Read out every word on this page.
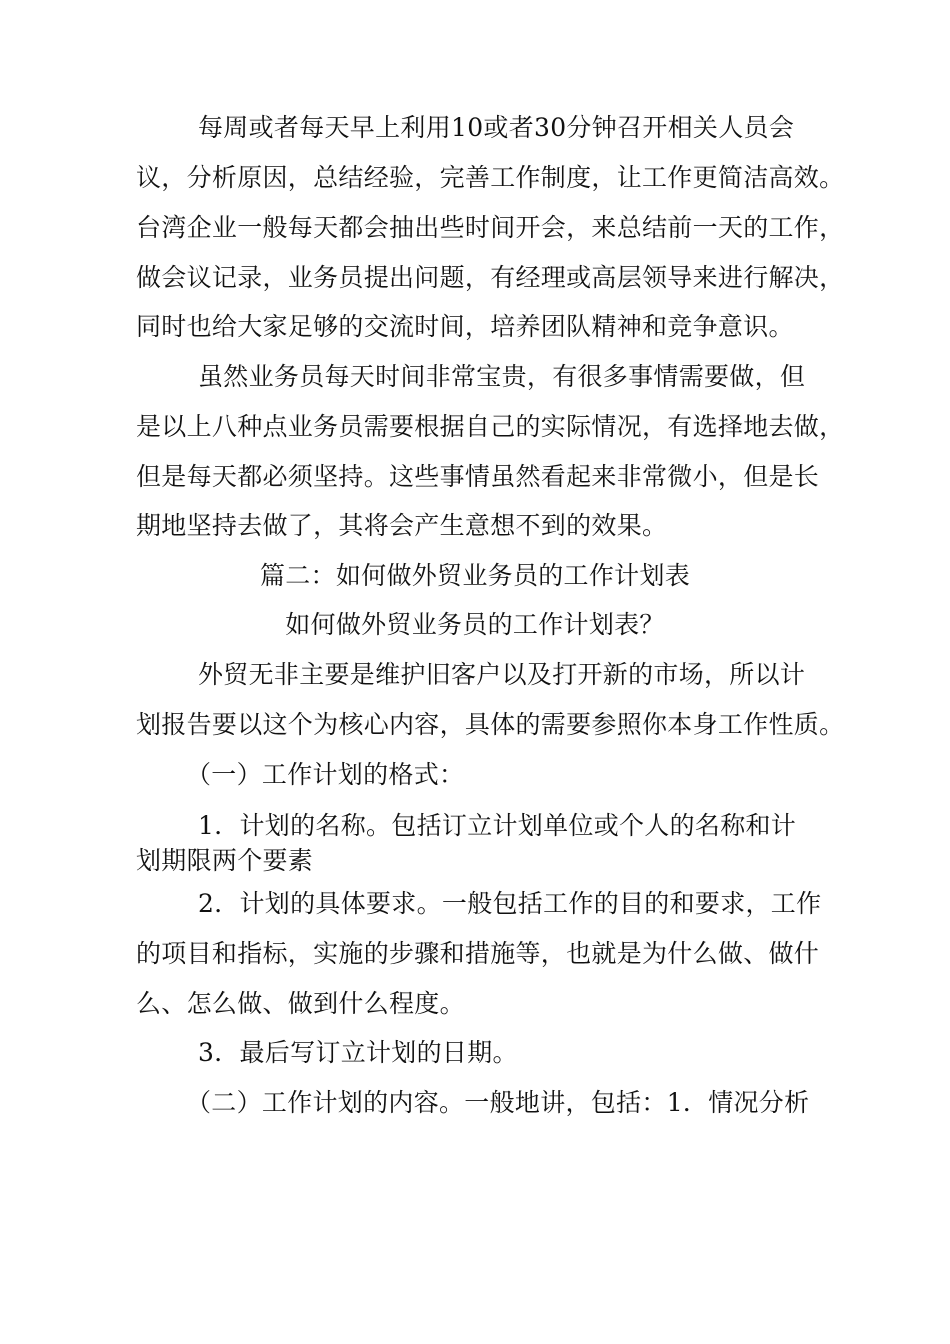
每周或者每天早上利用10或者30分钟召开相关人员会
议，分析原因，总结经验，完善工作制度，让工作更简洁高效。
台湾企业一般每天都会抽出些时间开会，来总结前一天的工作，
做会议记录，业务员提出问题，有经理或高层领导来进行解决，
同时也给大家足够的交流时间，培养团队精神和竞争意识。
虽然业务员每天时间非常宝贵，有很多事情需要做，但
是以上八种点业务员需要根据自己的实际情况，有选择地去做，
但是每天都必须坚持。这些事情虽然看起来非常微小，但是长
期地坚持去做了，其将会产生意想不到的效果。
篇二：如何做外贸业务员的工作计划表
如何做外贸业务员的工作计划表？
外贸无非主要是维护旧客户以及打开新的市场，所以计
划报告要以这个为核心内容，具体的需要参照你本身工作性质。
（一）工作计划的格式：
1．计划的名称。包括订立计划单位或个人的名称和计
划期限两个要素
2．计划的具体要求。一般包括工作的目的和要求，工作
的项目和指标，实施的步骤和措施等，也就是为什么做、做什
么、怎么做、做到什么程度。
3．最后写订立计划的日期。
（二）工作计划的内容。一般地讲，包括：1．情况分析
